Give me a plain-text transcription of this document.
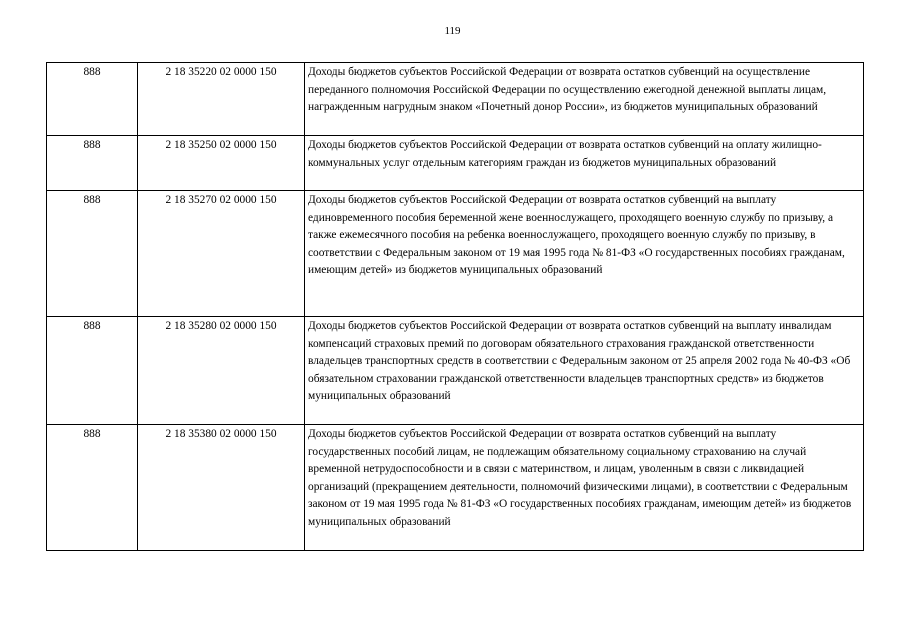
119
888	2 18 35220 02 0000 150	Доходы бюджетов субъектов Российской Федерации от возврата остатков субвенций на осуществление переданного полномочия Российской Федерации по осуществлению ежегодной денежной выплаты лицам, награжденным нагрудным знаком «Почетный донор России», из бюджетов муниципальных образований
888	2 18 35250 02 0000 150	Доходы бюджетов субъектов Российской Федерации от возврата остатков субвенций на оплату жилищно-коммунальных услуг отдельным категориям граждан из бюджетов муниципальных образований
888	2 18 35270 02 0000 150	Доходы бюджетов субъектов Российской Федерации от возврата остатков субвенций на выплату единовременного пособия беременной жене военнослужащего, проходящего военную службу по призыву, а также ежемесячного пособия на ребенка военнослужащего, проходящего военную службу по призыву, в соответствии с Федеральным законом от 19 мая 1995 года № 81-ФЗ «О государственных пособиях гражданам, имеющим детей» из бюджетов муниципальных образований
888	2 18 35280 02 0000 150	Доходы бюджетов субъектов Российской Федерации от возврата остатков субвенций на выплату инвалидам компенсаций страховых премий по договорам обязательного страхования гражданской ответственности владельцев транспортных средств в соответствии с Федеральным законом от 25 апреля 2002 года № 40-ФЗ «Об обязательном страховании гражданской ответственности владельцев транспортных средств» из бюджетов муниципальных образований
888	2 18 35380 02 0000 150	Доходы бюджетов субъектов Российской Федерации от возврата остатков субвенций на выплату государственных пособий лицам, не подлежащим обязательному социальному страхованию на случай временной нетрудоспособности и в связи с материнством, и лицам, уволенным в связи с ликвидацией организаций (прекращением деятельности, полномочий физическими лицами), в соответствии с Федеральным законом от 19 мая 1995 года № 81-ФЗ «О государственных пособиях гражданам, имеющим детей» из бюджетов муниципальных образований
